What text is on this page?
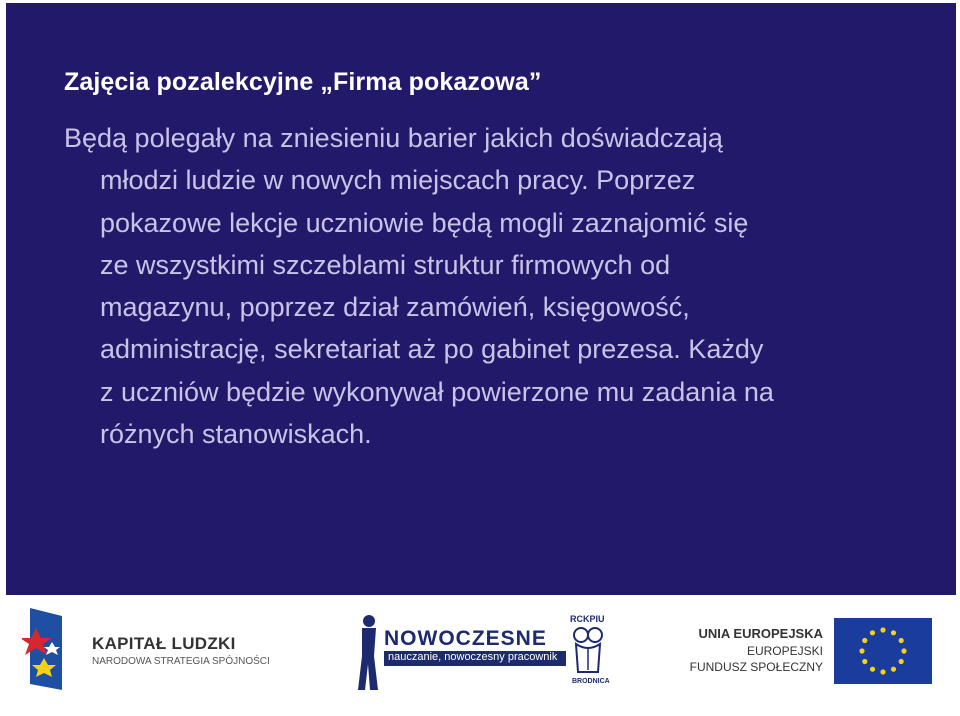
Zajęcia pozalekcyjne „Firma pokazowa”
Będą polegały na zniesieniu barier jakich doświadczają
młodzi ludzie w nowych miejscach pracy. Poprzez
pokazowe lekcje uczniowie będą mogli zaznajomić się
ze wszystkimi szczeblami struktur firmowych od
magazynu, poprzez dział zamówień, księgowość,
administrację, sekretariat aż po gabinet prezesa. Każdy
z uczniów będzie wykonywał powierzone mu zadania na
różnych stanowiskach.
KAPITAŁ LUDZKI
NARODOWA STRATEGIA SPÓJNOŚCI
NOWOCZESNE
nauczanie, nowoczesny pracownik
RCKPIU
BRODNICA
UNIA EUROPEJSKA
EUROPEJSKI
FUNDUSZ SPOŁECZNY
